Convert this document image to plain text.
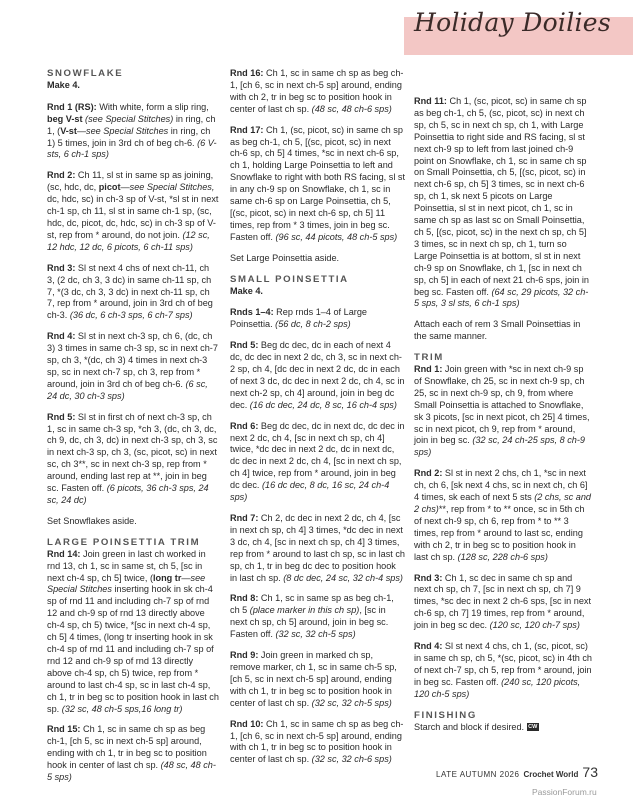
Holiday Doilies

SNOWFLAKE

Make 4.

Rnd 1 (RS): With white, form a slip ring, beg V-st (see Special Stitches) in ring, ch 1, (V-st—see Special Stitches in ring, ch 1) 5 times, join in 3rd ch of beg ch-6. (6 V-sts, 6 ch-1 sps)

Rnd 2: Ch 11, sl st in same sp as joining, (sc, hdc, dc, picot—see Special Stitches, dc, hdc, sc) in ch-3 sp of V-st, *sl st in next ch-1 sp, ch 11, sl st in same ch-1 sp, (sc, hdc, dc, picot, dc, hdc, sc) in ch-3 sp of V-st, rep from * around, do not join. (12 sc, 12 hdc, 12 dc, 6 picots, 6 ch-11 sps)

Rnd 3: Sl st next 4 chs of next ch-11, ch 3, (2 dc, ch 3, 3 dc) in same ch-11 sp, ch 7, *(3 dc, ch 3, 3 dc) in next ch-11 sp, ch 7, rep from * around, join in 3rd ch of beg ch-3. (36 dc, 6 ch-3 sps, 6 ch-7 sps)

Rnd 4: Sl st in next ch-3 sp, ch 6, (dc, ch 3) 3 times in same ch-3 sp, sc in next ch-7 sp, ch 3, *(dc, ch 3) 4 times in next ch-3 sp, sc in next ch-7 sp, ch 3, rep from * around, join in 3rd ch of beg ch-6. (6 sc, 24 dc, 30 ch-3 sps)

Rnd 5: Sl st in first ch of next ch-3 sp, ch 1, sc in same ch-3 sp, *ch 3, (dc, ch 3, dc, ch 9, dc, ch 3, dc) in next ch-3 sp, ch 3, sc in next ch-3 sp, ch 3, (sc, picot, sc) in next sc, ch 3**, sc in next ch-3 sp, rep from * around, ending last rep at **, join in beg sc. Fasten off. (6 picots, 36 ch-3 sps, 24 sc, 24 dc)

Set Snowflakes aside.

LARGE POINSETTIA TRIM

Rnd 14: Join green in last ch worked in rnd 13, ch 1, sc in same st, ch 5, [sc in next ch-4 sp, ch 5] twice, (long tr—see Special Stitches inserting hook in sk ch-4 sp of rnd 11 and including ch-7 sp of rnd 12 and ch-9 sp of rnd 13 directly above ch-4 sp, ch 5) twice, *[sc in next ch-4 sp, ch 5] 4 times, (long tr inserting hook in sk ch-4 sp of rnd 11 and including ch-7 sp of rnd 12 and ch-9 sp of rnd 13 directly above ch-4 sp, ch 5) twice, rep from * around to last ch-4 sp, sc in last ch-4 sp, ch 1, tr in beg sc to position hook in last ch sp. (32 sc, 48 ch-5 sps,16 long tr)

Rnd 15: Ch 1, sc in same ch sp as beg ch-1, [ch 5, sc in next ch-5 sp] around, ending with ch 1, tr in beg sc to position hook in center of last ch sp. (48 sc, 48 ch-5 sps)

Rnd 16: Ch 1, sc in same ch sp as beg ch-1, [ch 6, sc in next ch-5 sp] around, ending with ch 2, tr in beg sc to position hook in center of last ch sp. (48 sc, 48 ch-6 sps)

Rnd 17: Ch 1, (sc, picot, sc) in same ch sp as beg ch-1, ch 5, [(sc, picot, sc) in next ch-6 sp, ch 5] 4 times, *sc in next ch-6 sp, ch 1, holding Large Poinsettia to left and Snowflake to right with both RS facing, sl st in any ch-9 sp on Snowflake, ch 1, sc in same ch-6 sp on Large Poinsettia, ch 5, [(sc, picot, sc) in next ch-6 sp, ch 5] 11 times, rep from * 3 times, join in beg sc. Fasten off. (96 sc, 44 picots, 48 ch-5 sps)

Set Large Poinsettia aside.

SMALL POINSETTIA

Make 4.

Rnds 1–4: Rep rnds 1–4 of Large Poinsettia. (56 dc, 8 ch-2 sps)

Rnd 5: Beg dc dec, dc in each of next 4 dc, dc dec in next 2 dc, ch 3, sc in next ch-2 sp, ch 4, [dc dec in next 2 dc, dc in each of next 3 dc, dc dec in next 2 dc, ch 4, sc in next ch-2 sp, ch 4] around, join in beg dc dec. (16 dc dec, 24 dc, 8 sc, 16 ch-4 sps)

Rnd 6: Beg dc dec, dc in next dc, dc dec in next 2 dc, ch 4, [sc in next ch sp, ch 4] twice, *dc dec in next 2 dc, dc in next dc, dc dec in next 2 dc, ch 4, [sc in next ch sp, ch 4] twice, rep from * around, join in beg dc dec. (16 dc dec, 8 dc, 16 sc, 24 ch-4 sps)

Rnd 7: Ch 2, dc dec in next 2 dc, ch 4, [sc in next ch sp, ch 4] 3 times, *dc dec in next 3 dc, ch 4, [sc in next ch sp, ch 4] 3 times, rep from * around to last ch sp, sc in last ch sp, ch 1, tr in beg dc dec to position hook in last ch sp. (8 dc dec, 24 sc, 32 ch-4 sps)

Rnd 8: Ch 1, sc in same sp as beg ch-1, ch 5 (place marker in this ch sp), [sc in next ch sp, ch 5] around, join in beg sc. Fasten off. (32 sc, 32 ch-5 sps)

Rnd 9: Join green in marked ch sp, remove marker, ch 1, sc in same ch-5 sp, [ch 5, sc in next ch-5 sp] around, ending with ch 1, tr in beg sc to position hook in center of last ch sp. (32 sc, 32 ch-5 sps)

Rnd 10: Ch 1, sc in same ch sp as beg ch-1, [ch 6, sc in next ch-5 sp] around, ending with ch 1, tr in beg sc to position hook in center of last ch sp. (32 sc, 32 ch-6 sps)

Rnd 11: Ch 1, (sc, picot, sc) in same ch sp as beg ch-1, ch 5, (sc, picot, sc) in next ch sp, ch 5, sc in next ch sp, ch 1, with Large Poinsettia to right side and RS facing, sl st next ch-9 sp to left from last joined ch-9 point on Snowflake, ch 1, sc in same ch sp on Small Poinsettia, ch 5, [(sc, picot, sc) in next ch-6 sp, ch 5] 3 times, sc in next ch-6 sp, ch 1, sk next 5 picots on Large Poinsettia, sl st in next picot, ch 1, sc in same ch sp as last sc on Small Poinsettia, ch 5, [(sc, picot, sc) in the next ch sp, ch 5] 3 times, sc in next ch sp, ch 1, turn so Large Poinsettia is at bottom, sl st in next ch-9 sp on Snowflake, ch 1, [sc in next ch sp, ch 5] in each of next 21 ch-6 sps, join in beg sc. Fasten off. (64 sc, 29 picots, 32 ch-5 sps, 3 sl sts, 6 ch-1 sps)

Attach each of rem 3 Small Poinsettias in the same manner.

TRIM

Rnd 1: Join green with *sc in next ch-9 sp of Snowflake, ch 25, sc in next ch-9 sp, ch 25, sc in next ch-9 sp, ch 9, from where Small Poinsettia is attached to Snowflake, sk 3 picots, [sc in next picot, ch 25] 4 times, sc in next picot, ch 9, rep from * around, join in beg sc. (32 sc, 24 ch-25 sps, 8 ch-9 sps)

Rnd 2: Sl st in next 2 chs, ch 1, *sc in next ch, ch 6, [sk next 4 chs, sc in next ch, ch 6] 4 times, sk each of next 5 sts (2 chs, sc and 2 chs)**, rep from * to ** once, sc in 5th ch of next ch-9 sp, ch 6, rep from * to ** 3 times, rep from * around to last sc, ending with ch 2, tr in beg sc to position hook in last ch sp. (128 sc, 228 ch-6 sps)

Rnd 3: Ch 1, sc dec in same ch sp and next ch sp, ch 7, [sc in next ch sp, ch 7] 9 times, *sc dec in next 2 ch-6 sps, [sc in next ch-6 sp, ch 7] 19 times, rep from * around, join in beg sc dec. (120 sc, 120 ch-7 sps)

Rnd 4: Sl st next 4 chs, ch 1, (sc, picot, sc) in same ch sp, ch 5, *(sc, picot, sc) in 4th ch of next ch-7 sp, ch 5, rep from * around, join in beg sc. Fasten off. (240 sc, 120 picots, 120 ch-5 sps)

FINISHING

Starch and block if desired. CW

LATE AUTUMN 2026 Crochet World 73
PassionForum.ru
